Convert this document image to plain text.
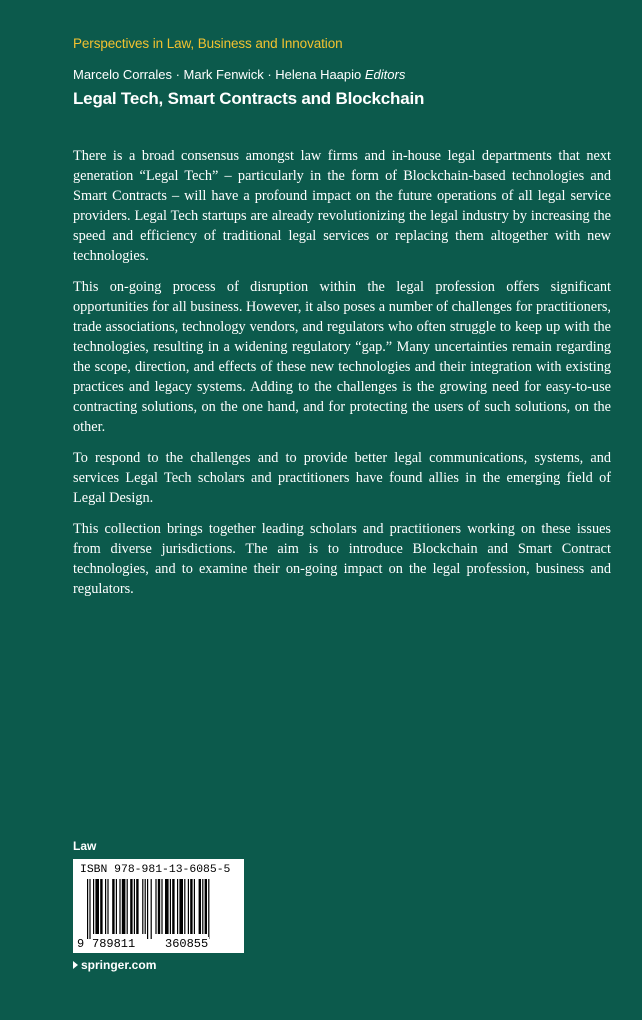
Perspectives in Law, Business and Innovation
Marcelo Corrales · Mark Fenwick · Helena Haapio Editors
Legal Tech, Smart Contracts and Blockchain

There is a broad consensus amongst law firms and in-house legal departments that next generation “Legal Tech” – particularly in the form of Blockchain-based technologies and Smart Contracts – will have a profound impact on the future operations of all legal service providers. Legal Tech startups are already revolutionizing the legal industry by increasing the speed and efficiency of traditional legal services or replacing them altogether with new technologies.

This on-going process of disruption within the legal profession offers significant opportunities for all business. However, it also poses a number of challenges for practitioners, trade associations, technology vendors, and regulators who often struggle to keep up with the technologies, resulting in a widening regulatory “gap.” Many uncertainties remain regarding the scope, direction, and effects of these new technologies and their integration with existing practices and legacy systems. Adding to the challenges is the growing need for easy-to-use contracting solutions, on the one hand, and for protecting the users of such solutions, on the other.

To respond to the challenges and to provide better legal communications, systems, and services Legal Tech scholars and practitioners have found allies in the emerging field of Legal Design.

This collection brings together leading scholars and practitioners working on these issues from diverse jurisdictions. The aim is to introduce Blockchain and Smart Contract technologies, and to examine their on-going impact on the legal profession, business and regulators.

Law
ISBN 978-981-13-6085-5
9 789811 360855
springer.com
